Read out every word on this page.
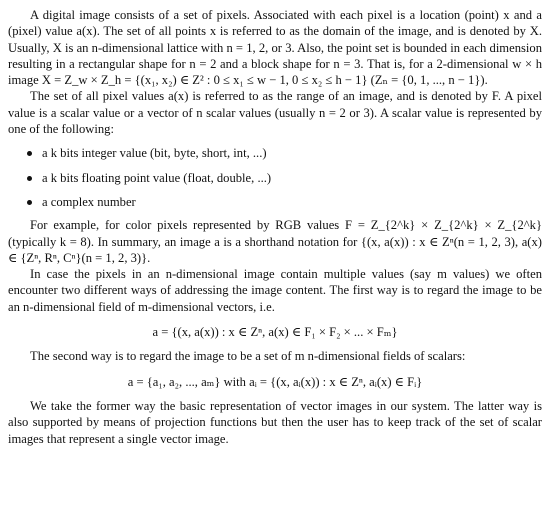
A digital image consists of a set of pixels. Associated with each pixel is a location (point) x and a (pixel) value a(x). The set of all points x is referred to as the domain of the image, and is denoted by X. Usually, X is an n-dimensional lattice with n = 1, 2, or 3. Also, the point set is bounded in each dimension resulting in a rectangular shape for n = 2 and a block shape for n = 3. That is, for a 2-dimensional w × h image X = Z_w × Z_h = {(x₁, x₂) ∈ Z² : 0 ≤ x₁ ≤ w − 1, 0 ≤ x₂ ≤ h − 1} (Zₙ = {0, 1, ..., n − 1}).

The set of all pixel values a(x) is referred to as the range of an image, and is denoted by F. A pixel value is a scalar value or a vector of n scalar values (usually n = 2 or 3). A scalar value is represented by one of the following:

a k bits integer value (bit, byte, short, int, ...)
a k bits floating point value (float, double, ...)
a complex number

For example, for color pixels represented by RGB values F = Z_{2^k} × Z_{2^k} × Z_{2^k} (typically k = 8). In summary, an image a is a shorthand notation for {(x, a(x)) : x ∈ Zⁿ(n = 1, 2, 3), a(x) ∈ {Zⁿ, Rⁿ, Cⁿ}(n = 1, 2, 3)}.

In case the pixels in an n-dimensional image contain multiple values (say m values) we often encounter two different ways of addressing the image content. The first way is to regard the image to be an n-dimensional field of m-dimensional vectors, i.e.

a = {(x, a(x)) : x ∈ Zⁿ, a(x) ∈ F₁ × F₂ × ... × Fₘ}

The second way is to regard the image to be a set of m n-dimensional fields of scalars:

a = {a₁, a₂, ..., aₘ} with aᵢ = {(x, aᵢ(x)) : x ∈ Zⁿ, aᵢ(x) ∈ Fᵢ}

We take the former way the basic representation of vector images in our system. The latter way is also supported by means of projection functions but then the user has to keep track of the set of scalar images that represent a single vector image.
